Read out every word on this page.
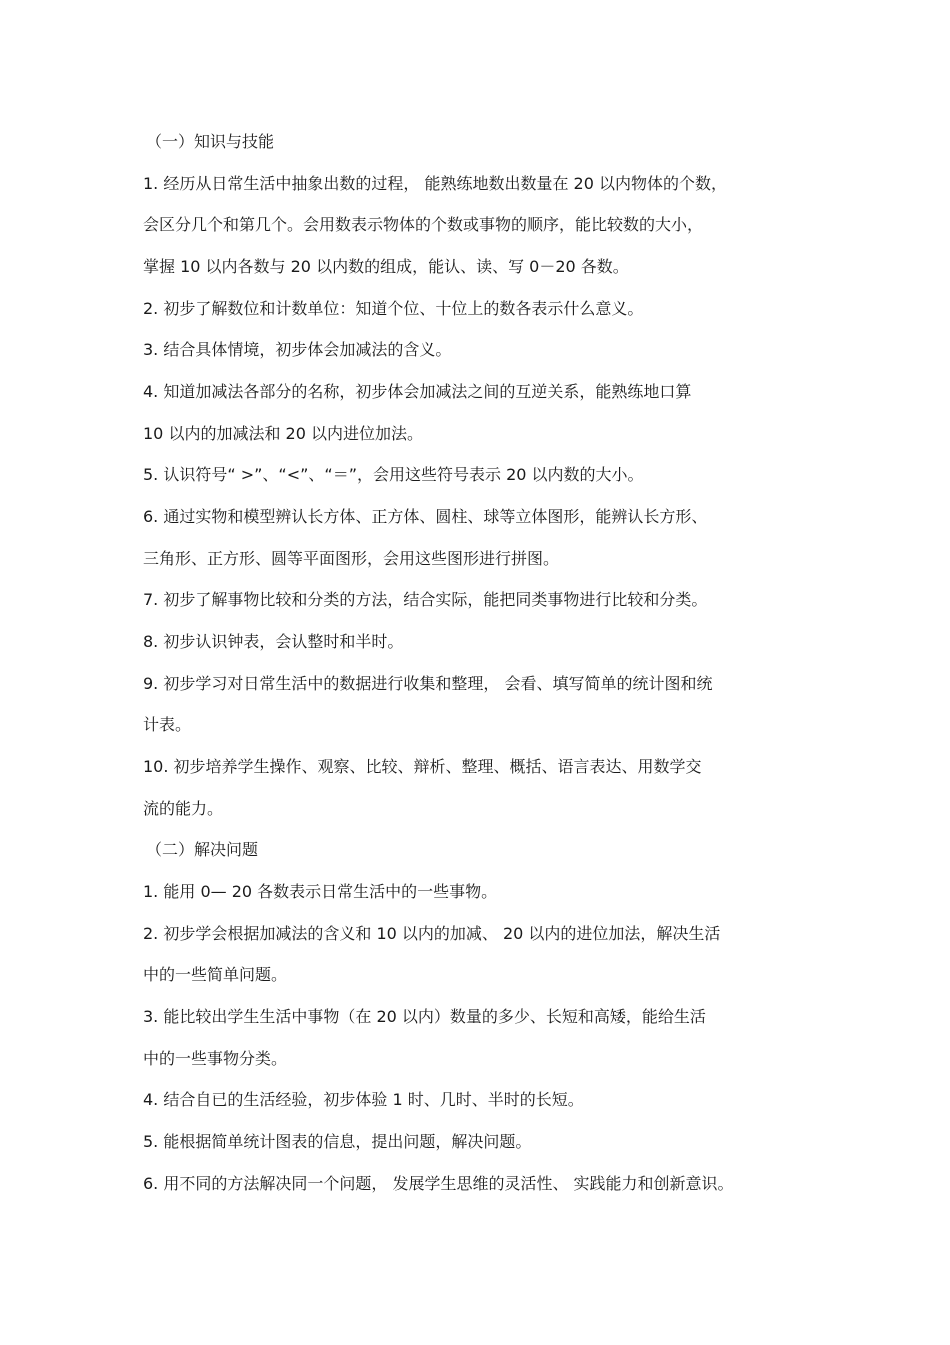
（一）知识与技能
1. 经历从日常生活中抽象出数的过程， 能熟练地数出数量在 20 以内物体的个数，
会区分几个和第几个。会用数表示物体的个数或事物的顺序，能比较数的大小，
掌握 10 以内各数与 20 以内数的组成，能认、读、写 0－20 各数。
2. 初步了解数位和计数单位：知道个位、十位上的数各表示什么意义。
3. 结合具体情境，初步体会加减法的含义。
4. 知道加减法各部分的名称，初步体会加减法之间的互逆关系，能熟练地口算
10 以内的加减法和 20 以内进位加法。
5. 认识符号“ >”、“<”、“＝”，会用这些符号表示 20 以内数的大小。
6. 通过实物和模型辨认长方体、正方体、圆柱、球等立体图形，能辨认长方形、
三角形、正方形、圆等平面图形，会用这些图形进行拼图。
7. 初步了解事物比较和分类的方法，结合实际，能把同类事物进行比较和分类。
8. 初步认识钟表，会认整时和半时。
9. 初步学习对日常生活中的数据进行收集和整理， 会看、填写简单的统计图和统
计表。
10. 初步培养学生操作、观察、比较、辩析、整理、概括、语言表达、用数学交
流的能力。
（二）解决问题
1. 能用 0— 20 各数表示日常生活中的一些事物。
2. 初步学会根据加减法的含义和 10 以内的加减、 20 以内的进位加法，解决生活
中的一些简单问题。
3. 能比较出学生生活中事物（在 20 以内）数量的多少、长短和高矮，能给生活
中的一些事物分类。
4. 结合自已的生活经验，初步体验 1 时、几时、半时的长短。
5. 能根据简单统计图表的信息，提出问题，解决问题。
6. 用不同的方法解决同一个问题， 发展学生思维的灵活性、 实践能力和创新意识。
